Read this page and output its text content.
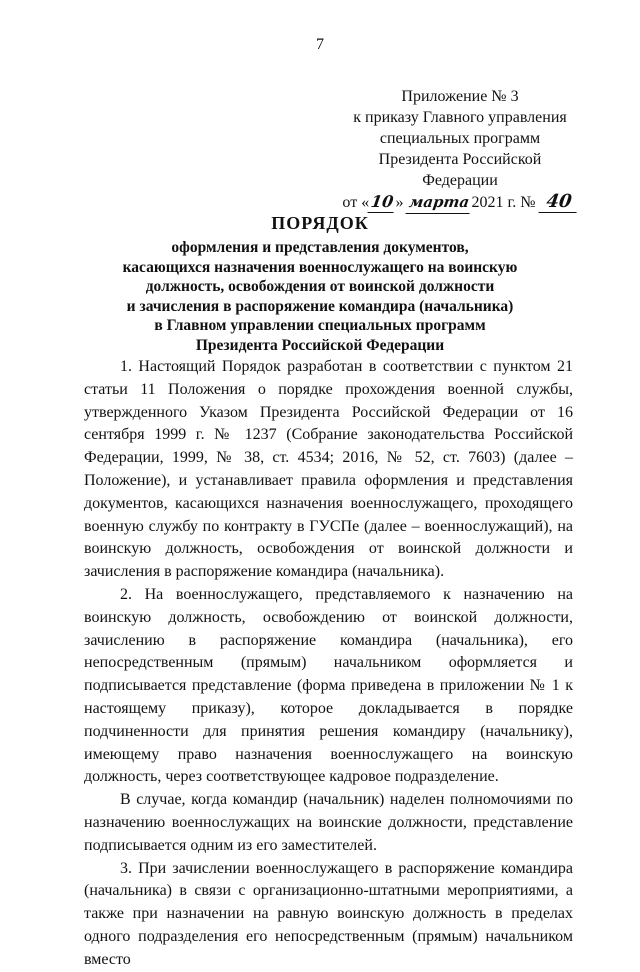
7
Приложение № 3
к приказу Главного управления
специальных программ
Президента Российской Федерации
от «10» марта2021 г. № 40
ПОРЯДОК
оформления и представления документов,
касающихся назначения военнослужащего на воинскую
должность, освобождения от воинской должности
и зачисления в распоряжение командира (начальника)
в Главном управлении специальных программ
Президента Российской Федерации

1. Настоящий Порядок разработан в соответствии с пунктом 21 статьи 11 Положения о порядке прохождения военной службы, утвержденного Указом Президента Российской Федерации от 16 сентября 1999 г. № 1237 (Собрание законодательства Российской Федерации, 1999, № 38, ст. 4534; 2016, № 52, ст. 7603) (далее – Положение), и устанавливает правила оформления и представления документов, касающихся назначения военнослужащего, проходящего военную службу по контракту в ГУСПе (далее – военнослужащий), на воинскую должность, освобождения от воинской должности и зачисления в распоряжение командира (начальника).

2. На военнослужащего, представляемого к назначению на воинскую должность, освобождению от воинской должности, зачислению в распоряжение командира (начальника), его непосредственным (прямым) начальником оформляется и подписывается представление (форма приведена в приложении № 1 к настоящему приказу), которое докладывается в порядке подчиненности для принятия решения командиру (начальнику), имеющему право назначения военнослужащего на воинскую должность, через соответствующее кадровое подразделение.

В случае, когда командир (начальник) наделен полномочиями по назначению военнослужащих на воинские должности, представление подписывается одним из его заместителей.

3. При зачислении военнослужащего в распоряжение командира (начальника) в связи с организационно-штатными мероприятиями, а также при назначении на равную воинскую должность в пределах одного подразделения его непосредственным (прямым) начальником вместо
